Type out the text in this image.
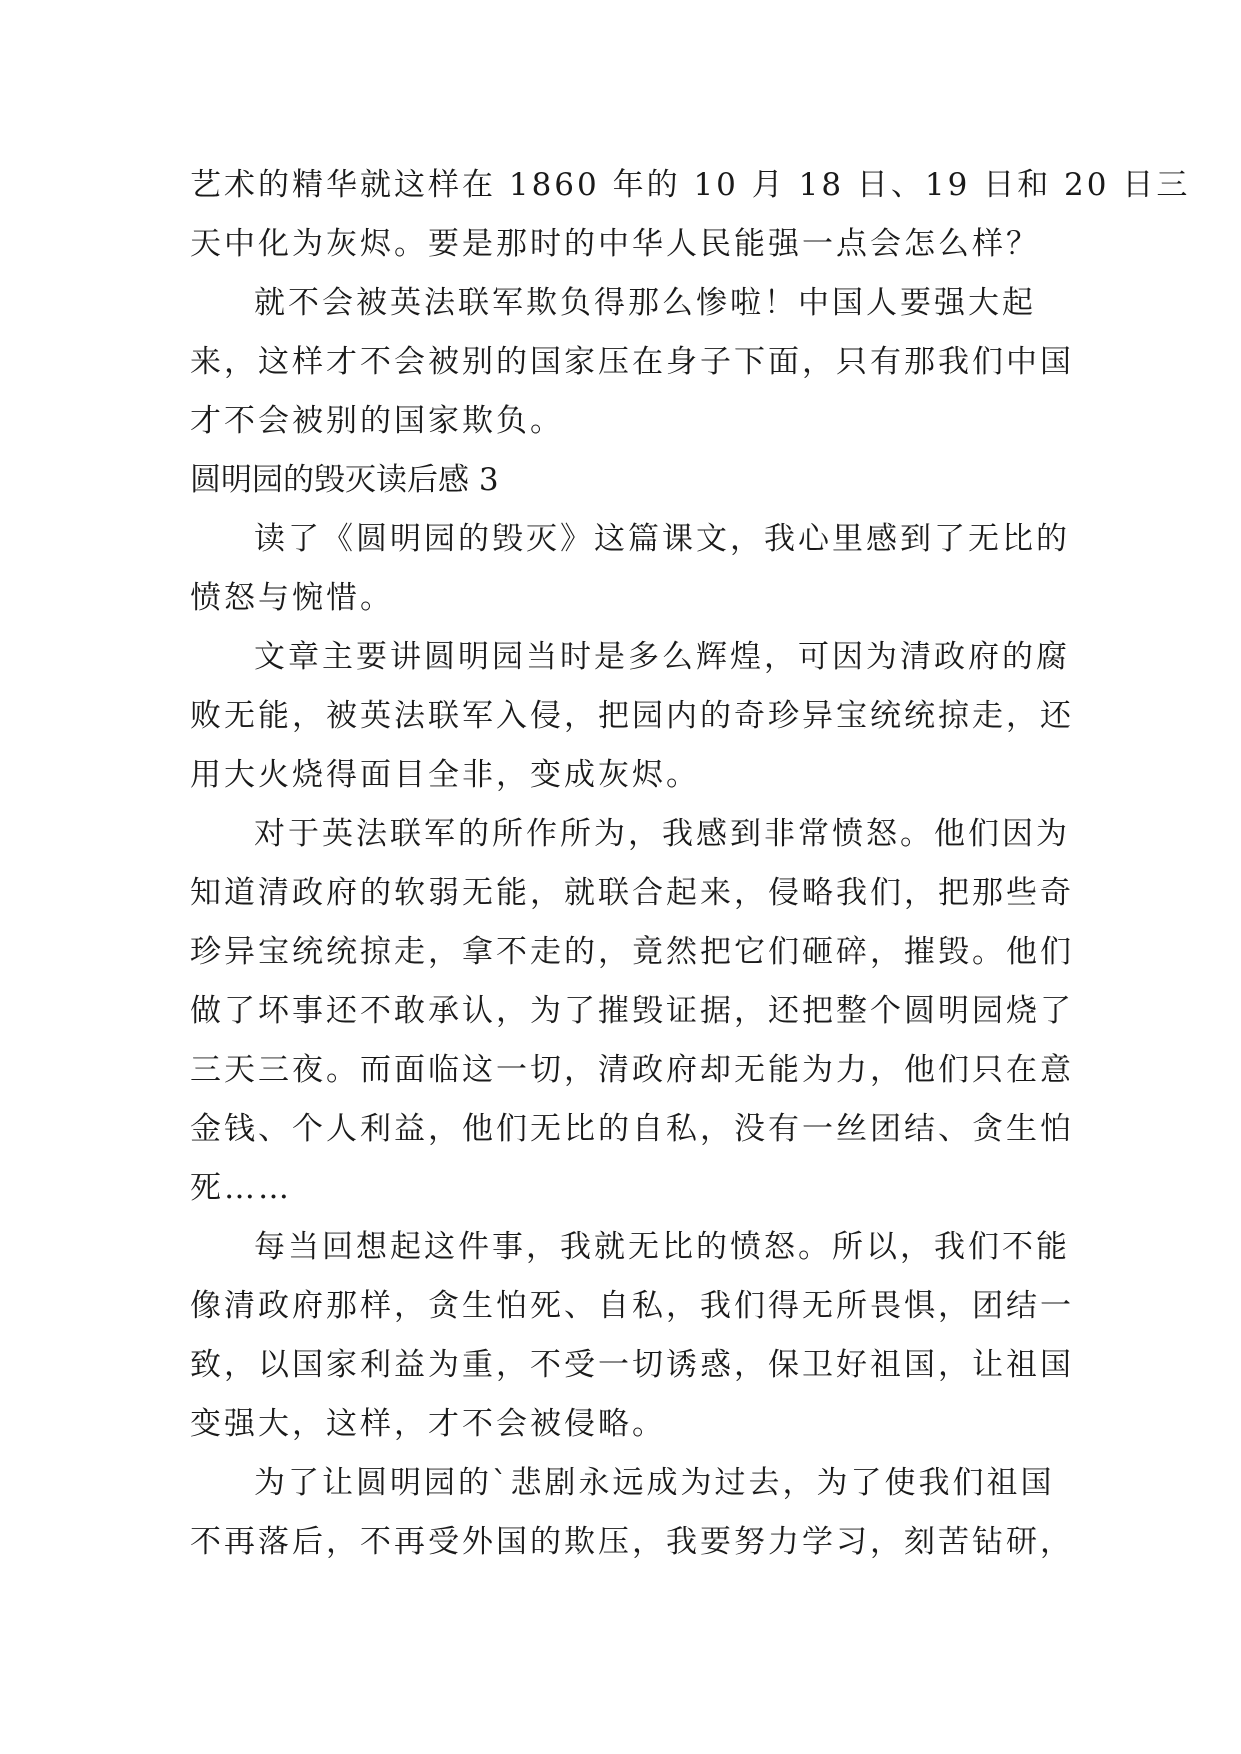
艺术的精华就这样在 1860 年的 10 月 18 日、19 日和 20 日三
天中化为灰烬。要是那时的中华人民能强一点会怎么样？
就不会被英法联军欺负得那么惨啦！中国人要强大起
来，这样才不会被别的国家压在身子下面，只有那我们中国
才不会被别的国家欺负。
圆明园的毁灭读后感 3
读了《圆明园的毁灭》这篇课文，我心里感到了无比的
愤怒与惋惜。
文章主要讲圆明园当时是多么辉煌，可因为清政府的腐
败无能，被英法联军入侵，把园内的奇珍异宝统统掠走，还
用大火烧得面目全非，变成灰烬。
对于英法联军的所作所为，我感到非常愤怒。他们因为
知道清政府的软弱无能，就联合起来，侵略我们，把那些奇
珍异宝统统掠走，拿不走的，竟然把它们砸碎，摧毁。他们
做了坏事还不敢承认，为了摧毁证据，还把整个圆明园烧了
三天三夜。而面临这一切，清政府却无能为力，他们只在意
金钱、个人利益，他们无比的自私，没有一丝团结、贪生怕
死……
每当回想起这件事，我就无比的愤怒。所以，我们不能
像清政府那样，贪生怕死、自私，我们得无所畏惧，团结一
致，以国家利益为重，不受一切诱惑，保卫好祖国，让祖国
变强大，这样，才不会被侵略。
为了让圆明园的`悲剧永远成为过去，为了使我们祖国
不再落后，不再受外国的欺压，我要努力学习，刻苦钻研，
